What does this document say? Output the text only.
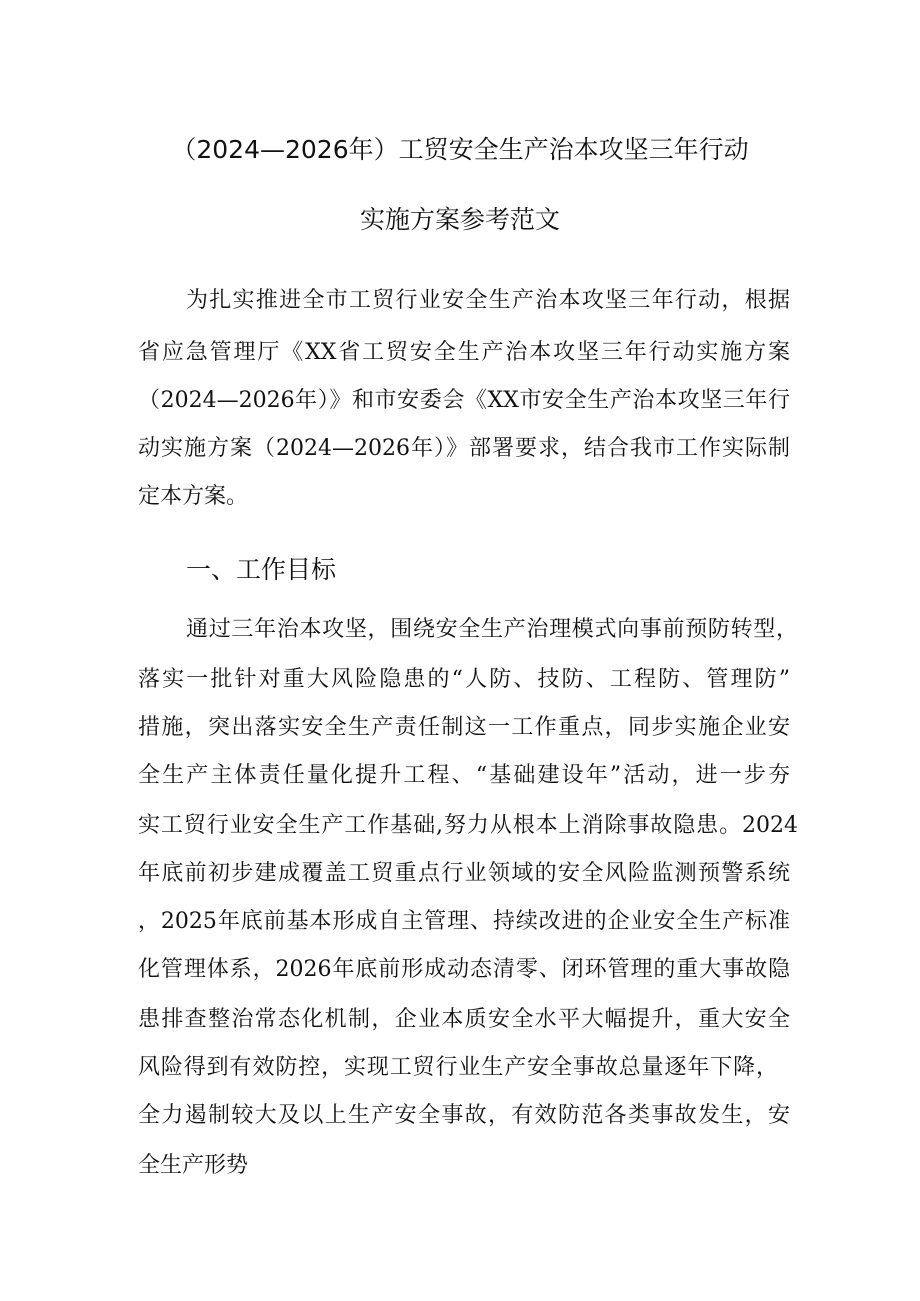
（2024—2026年）工贸安全生产治本攻坚三年行动
实施方案参考范文
为扎实推进全市工贸行业安全生产治本攻坚三年行动，根据
省应急管理厅《XX省工贸安全生产治本攻坚三年行动实施方案
（2024—2026年）》和市安委会《XX市安全生产治本攻坚三年行
动实施方案（2024—2026年）》部署要求，结合我市工作实际制
定本方案。
一、工作目标
通过三年治本攻坚，围绕安全生产治理模式向事前预防转型，
落实一批针对重大风险隐患的“人防、技防、工程防、管理防”
措施，突出落实安全生产责任制这一工作重点，同步实施企业安
全生产主体责任量化提升工程、“基础建设年”活动，进一步夯
实工贸行业安全生产工作基础,努力从根本上消除事故隐患。2024
年底前初步建成覆盖工贸重点行业领域的安全风险监测预警系统
，2025年底前基本形成自主管理、持续改进的企业安全生产标准
化管理体系，2026年底前形成动态清零、闭环管理的重大事故隐
患排查整治常态化机制，企业本质安全水平大幅提升，重大安全
风险得到有效防控，实现工贸行业生产安全事故总量逐年下降，
全力遏制较大及以上生产安全事故，有效防范各类事故发生，安
全生产形势
